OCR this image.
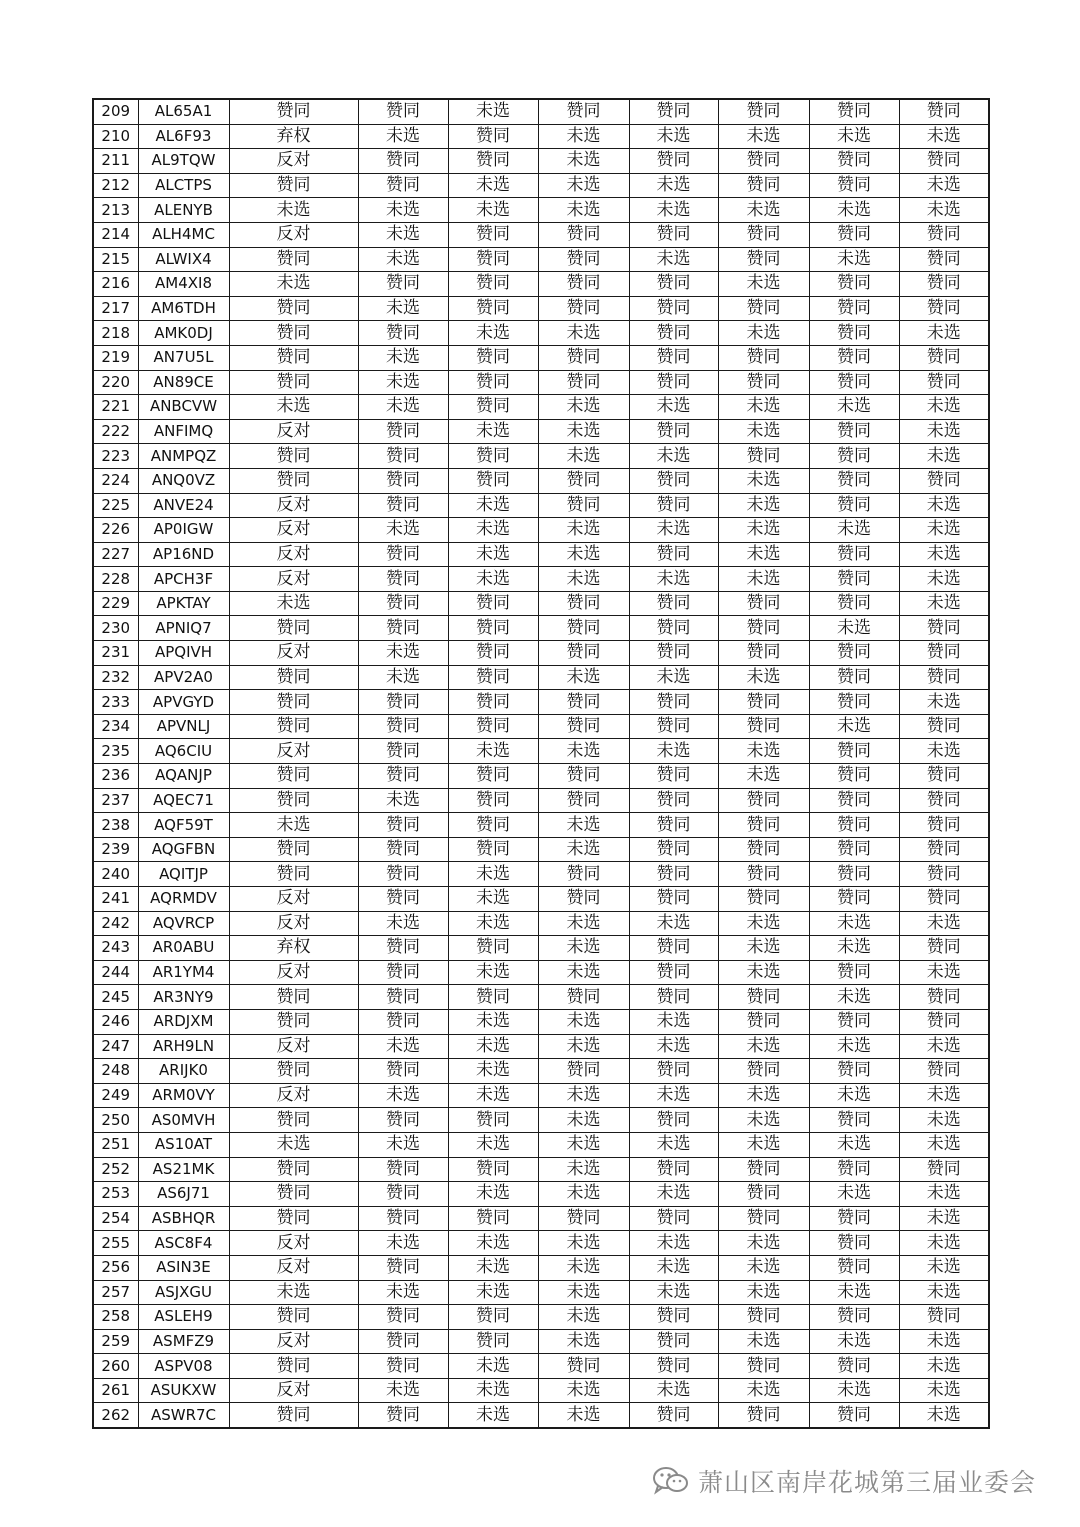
209	AL65A1	赞同	赞同	未选	赞同	赞同	赞同	赞同	赞同
210	AL6F93	弃权	未选	赞同	未选	未选	未选	未选	未选
211	AL9TQW	反对	赞同	赞同	未选	赞同	赞同	赞同	赞同
212	ALCTPS	赞同	赞同	未选	未选	未选	赞同	赞同	未选
213	ALENYB	未选	未选	未选	未选	未选	未选	未选	未选
214	ALH4MC	反对	未选	赞同	赞同	赞同	赞同	赞同	赞同
215	ALWIX4	赞同	未选	赞同	赞同	未选	赞同	未选	赞同
216	AM4XI8	未选	赞同	赞同	赞同	赞同	未选	赞同	赞同
217	AM6TDH	赞同	未选	赞同	赞同	赞同	赞同	赞同	赞同
218	AMK0DJ	赞同	赞同	未选	未选	赞同	未选	赞同	未选
219	AN7U5L	赞同	未选	赞同	赞同	赞同	赞同	赞同	赞同
220	AN89CE	赞同	未选	赞同	赞同	赞同	赞同	赞同	赞同
221	ANBCVW	未选	未选	赞同	未选	未选	未选	未选	未选
222	ANFIMQ	反对	赞同	未选	未选	赞同	未选	赞同	未选
223	ANMPQZ	赞同	赞同	赞同	未选	未选	赞同	赞同	未选
224	ANQ0VZ	赞同	赞同	赞同	赞同	赞同	未选	赞同	赞同
225	ANVE24	反对	赞同	未选	赞同	赞同	未选	赞同	未选
226	AP0IGW	反对	未选	未选	未选	未选	未选	未选	未选
227	AP16ND	反对	赞同	未选	未选	赞同	未选	赞同	未选
228	APCH3F	反对	赞同	未选	未选	未选	未选	赞同	未选
229	APKTAY	未选	赞同	赞同	赞同	赞同	赞同	赞同	未选
230	APNIQ7	赞同	赞同	赞同	赞同	赞同	赞同	未选	赞同
231	APQIVH	反对	未选	赞同	赞同	赞同	赞同	赞同	赞同
232	APV2A0	赞同	未选	赞同	未选	未选	未选	赞同	赞同
233	APVGYD	赞同	赞同	赞同	赞同	赞同	赞同	赞同	未选
234	APVNLJ	赞同	赞同	赞同	赞同	赞同	赞同	未选	赞同
235	AQ6CIU	反对	赞同	未选	未选	未选	未选	赞同	未选
236	AQANJP	赞同	赞同	赞同	赞同	赞同	未选	赞同	赞同
237	AQEC71	赞同	未选	赞同	赞同	赞同	赞同	赞同	赞同
238	AQF59T	未选	赞同	赞同	未选	赞同	赞同	赞同	赞同
239	AQGFBN	赞同	赞同	赞同	未选	赞同	赞同	赞同	赞同
240	AQITJP	赞同	赞同	未选	赞同	赞同	赞同	赞同	赞同
241	AQRMDV	反对	赞同	未选	赞同	赞同	赞同	赞同	赞同
242	AQVRCP	反对	未选	未选	未选	未选	未选	未选	未选
243	AR0ABU	弃权	赞同	赞同	未选	赞同	未选	未选	赞同
244	AR1YM4	反对	赞同	未选	未选	赞同	未选	赞同	未选
245	AR3NY9	赞同	赞同	赞同	赞同	赞同	赞同	未选	赞同
246	ARDJXM	赞同	赞同	未选	未选	未选	赞同	赞同	赞同
247	ARH9LN	反对	未选	未选	未选	未选	未选	未选	未选
248	ARIJK0	赞同	赞同	未选	赞同	赞同	赞同	赞同	赞同
249	ARM0VY	反对	未选	未选	未选	未选	未选	未选	未选
250	AS0MVH	赞同	赞同	赞同	未选	赞同	未选	赞同	未选
251	AS10AT	未选	未选	未选	未选	未选	未选	未选	未选
252	AS21MK	赞同	赞同	赞同	未选	赞同	赞同	赞同	赞同
253	AS6J71	赞同	赞同	未选	未选	未选	赞同	未选	未选
254	ASBHQR	赞同	赞同	赞同	赞同	赞同	赞同	赞同	未选
255	ASC8F4	反对	未选	未选	未选	未选	未选	赞同	未选
256	ASIN3E	反对	赞同	未选	未选	未选	未选	赞同	未选
257	ASJXGU	未选	未选	未选	未选	未选	未选	未选	未选
258	ASLEH9	赞同	赞同	赞同	未选	赞同	赞同	赞同	赞同
259	ASMFZ9	反对	赞同	赞同	未选	赞同	未选	未选	未选
260	ASPV08	赞同	赞同	未选	赞同	赞同	赞同	赞同	未选
261	ASUKXW	反对	未选	未选	未选	未选	未选	未选	未选
262	ASWR7C	赞同	赞同	未选	未选	赞同	赞同	赞同	未选
萧山区南岸花城第三届业委会
